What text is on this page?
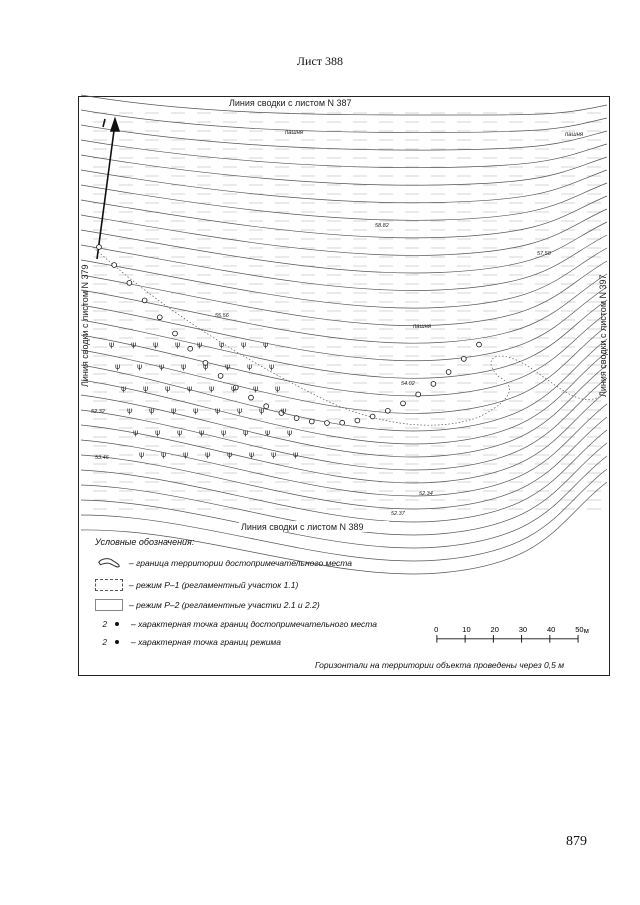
Лист 388
ψ ψ ψ ψ ψ ψ ψ ψ
ψ ψ ψ ψ ψ ψ ψ ψ
ψ ψ ψ ψ ψ ψ ψ ψ
ψ ψ ψ ψ ψ ψ ψ ψ
ψ ψ ψ ψ ψ ψ ψ ψ
ψ ψ ψ ψ ψ ψ ψ ψ
Линия сводки с листом N 387
Линия сводки с листом N 389
Линия сводки с листом N 379	Линия сводки с листом N 397
пашня	пашня
пашня
58.82
57.58
55.56
54.02
52.32
53.46
52.34
52.37
Условные обозначения:
– граница территории достопримечательного места
– режим Р–1 (регламентный участок 1.1)
– режим Р–2 (регламентные участки 2.1 и 2.2)
2	– характерная точка границ достопримечательного места
2	– характерная точка границ режима
0	10 20 30 40 50 м
Горизонтали на территории объекта проведены через 0,5 м
879
